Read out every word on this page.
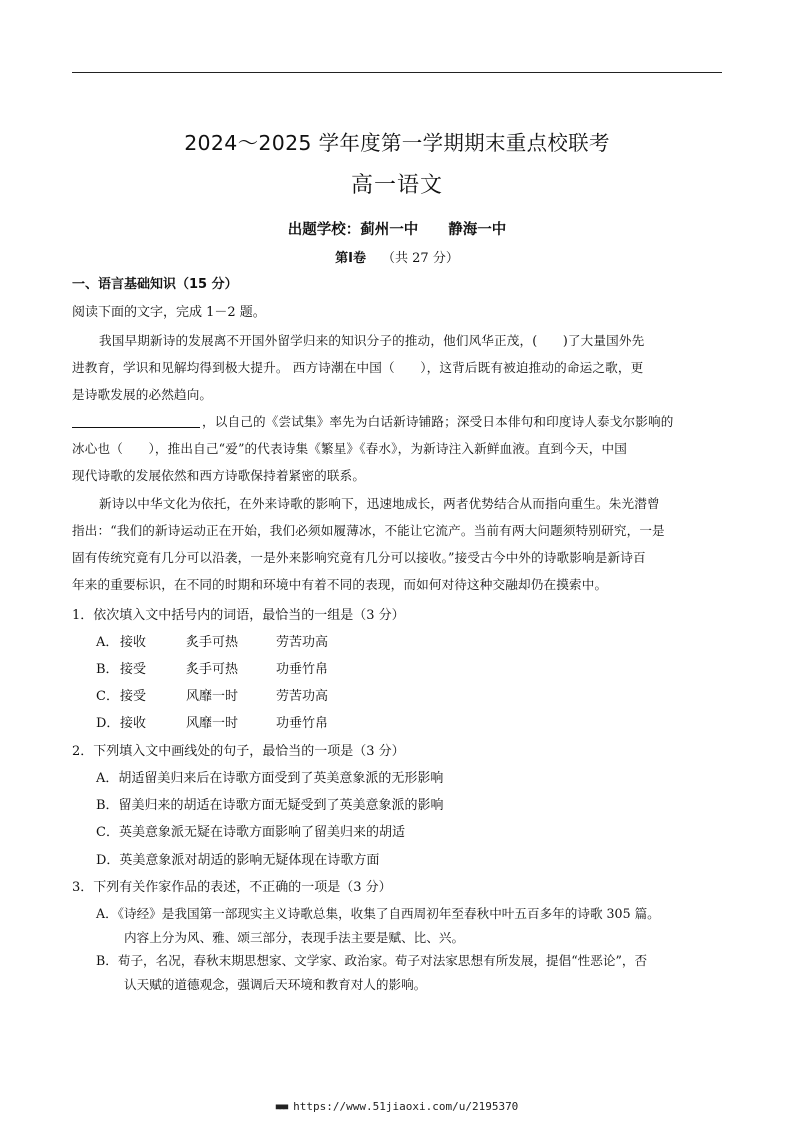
2024～2025 学年度第一学期期末重点校联考
高一语文
出题学校：蓟州一中 静海一中
第Ⅰ卷 （共 27 分）
一、语言基础知识（15 分）
阅读下面的文字，完成 1－2 题。
我国早期新诗的发展离不开国外留学归来的知识分子的推动，他们风华正茂，(　　)了大量国外先
进教育，学识和见解均得到极大提升。 西方诗潮在中国（　　），这背后既有被迫推动的命运之歌，更
是诗歌发展的必然趋向。
，以自己的《尝试集》率先为白话新诗铺路；深受日本俳句和印度诗人泰戈尔影响的
冰心也（　　），推出自己“爱”的代表诗集《繁星》《春水》，为新诗注入新鲜血液。直到今天，中国
现代诗歌的发展依然和西方诗歌保持着紧密的联系。
新诗以中华文化为依托，在外来诗歌的影响下，迅速地成长，两者优势结合从而指向重生。朱光潜曾
指出：“我们的新诗运动正在开始，我们必须如履薄冰，不能让它流产。当前有两大问题须特别研究，一是
固有传统究竟有几分可以沿袭，一是外来影响究竟有几分可以接收。”接受古今中外的诗歌影响是新诗百
年来的重要标识，在不同的时期和环境中有着不同的表现，而如何对待这种交融却仍在摸索中。
1．依次填入文中括号内的词语，最恰当的一组是（3 分）
A． 接收	炙手可热	劳苦功高
B．接受	炙手可热	功垂竹帛
C．接受	风靡一时	劳苦功高
D．接收	风靡一时	功垂竹帛
2．下列填入文中画线处的句子，最恰当的一项是（3 分）
A．胡适留美归来后在诗歌方面受到了英美意象派的无形影响
B．留美归来的胡适在诗歌方面无疑受到了英美意象派的影响
C．英美意象派无疑在诗歌方面影响了留美归来的胡适
D．英美意象派对胡适的影响无疑体现在诗歌方面
3．下列有关作家作品的表述，不正确的一项是（3 分）
A．《诗经》是我国第一部现实主义诗歌总集，收集了自西周初年至春秋中叶五百多年的诗歌 305 篇。
内容上分为风、雅、颂三部分，表现手法主要是赋、比、兴。
B．荀子，名况，春秋末期思想家、文学家、政治家。荀子对法家思想有所发展，提倡“性恶论”，否
认天赋的道德观念，强调后天环境和教育对人的影响。
■■■ https://www.51jiaoxi.com/u/2195370
